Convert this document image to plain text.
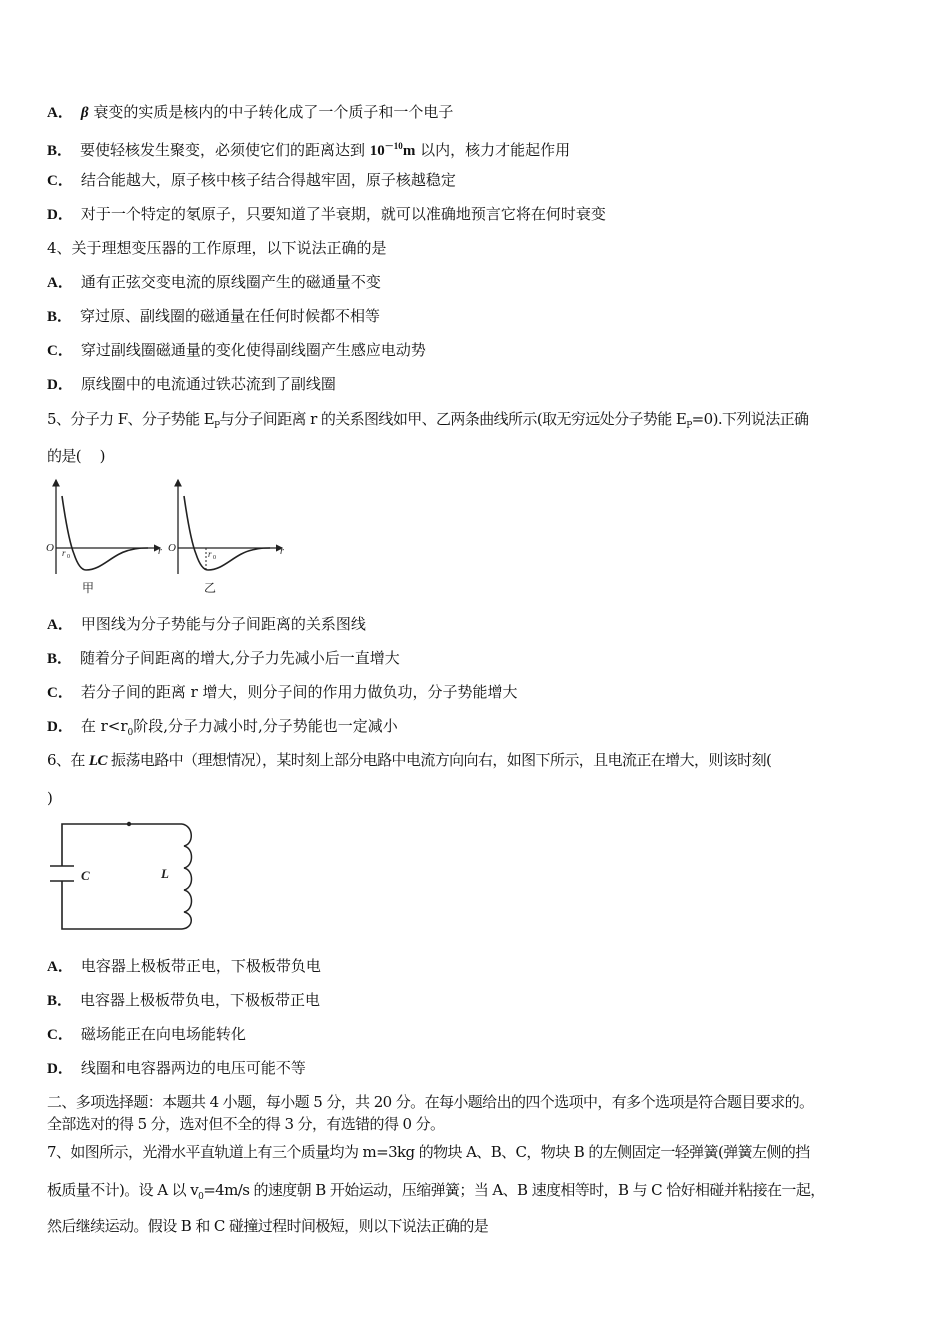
A． β 衰变的实质是核内的中子转化成了一个质子和一个电子
B． 要使轻核发生聚变，必须使它们的距离达到 $10^{-10}m$ 以内，核力才能起作用
C． 结合能越大，原子核中核子结合得越牢固，原子核越稳定
D． 对于一个特定的氡原子，只要知道了半衰期，就可以准确地预言它将在何时衰变
4、关于理想变压器的工作原理，以下说法正确的是
A． 通有正弦交变电流的原线圈产生的磁通量不变
B． 穿过原、副线圈的磁通量在任何时候都不相等
C． 穿过副线圈磁通量的变化使得副线圈产生感应电动势
D． 原线圈中的电流通过铁芯流到了副线圈
5、分子力 F、分子势能 $E_P$与分子间距离 r 的关系图线如甲、乙两条曲线所示(取无穷远处分子势能 $E_P=0$).下列说法正确
的是(　 )
O r 0	r
甲
O	r 0
r
乙
A． 甲图线为分子势能与分子间距离的关系图线
B． 随着分子间距离的增大,分子力先减小后一直增大
C． 若分子间的距离 r 增大，则分子间的作用力做负功，分子势能增大
D． 在 $r<r_0$阶段,分子力减小时,分子势能也一定减小
6、在 LC 振荡电路中（理想情况），某时刻上部分电路中电流方向向右，如图下所示，且电流正在增大，则该时刻(
)
C	L
A． 电容器上极板带正电，下极板带负电
B． 电容器上极板带负电，下极板带正电
C． 磁场能正在向电场能转化
D． 线圈和电容器两边的电压可能不等
二、多项选择题：本题共 4 小题，每小题 5 分，共 20 分。在每小题给出的四个选项中，有多个选项是符合题目要求的。
全部选对的得 5 分，选对但不全的得 3 分，有选错的得 0 分。
7、如图所示，光滑水平直轨道上有三个质量均为 m=3kg 的物块 A、B、C，物块 B 的左侧固定一轻弹簧(弹簧左侧的挡
板质量不计)。设 A 以 $v_0=4m/s$ 的速度朝 B 开始运动，压缩弹簧；当 A、B 速度相等时，B 与 C 恰好相碰并粘接在一起，
然后继续运动。假设 B 和 C 碰撞过程时间极短，则以下说法正确的是
